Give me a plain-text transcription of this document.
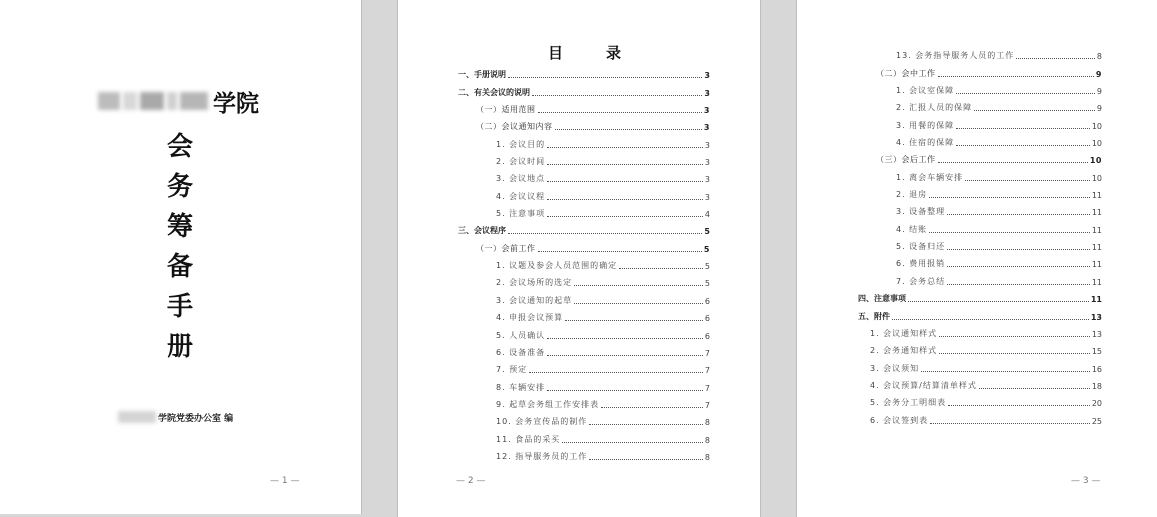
学院
会
务
筹
备
手
册
学院党委办公室 编
— 1 —
目　录
一、手册说明	3
二、有关会议的说明	3
（一）适用范围	3
（二）会议通知内容	3
1. 会议目的	3
2. 会议时间	3
3. 会议地点	3
4. 会议议程	3
5. 注意事项	4
三、会议程序	5
（一）会前工作	5
1. 议题及参会人员范围的确定	5
2. 会议场所的选定	5
3. 会议通知的起草	6
4. 申报会议预算	6
5. 人员确认	6
6. 设备准备	7
7. 预定	7
8. 车辆安排	7
9. 起草会务组工作安排表	7
10. 会务宣传品的制作	8
11. 食品的采买	8
12. 指导服务员的工作	8
— 2 —
13. 会务指导服务人员的工作	8
（二）会中工作	9
1. 会议室保障	9
2. 汇报人员的保障	9
3. 用餐的保障	10
4. 住宿的保障	10
（三）会后工作	10
1. 离会车辆安排	10
2. 退房	11
3. 设备整理	11
4. 结账	11
5. 设备归还	11
6. 费用报销	11
7. 会务总结	11
四、注意事项	11
五、附件	13
1. 会议通知样式	13
2. 会务通知样式	15
3. 会议须知	16
4. 会议预算/结算清单样式	18
5. 会务分工明细表	20
6. 会议签到表	25
— 3 —
